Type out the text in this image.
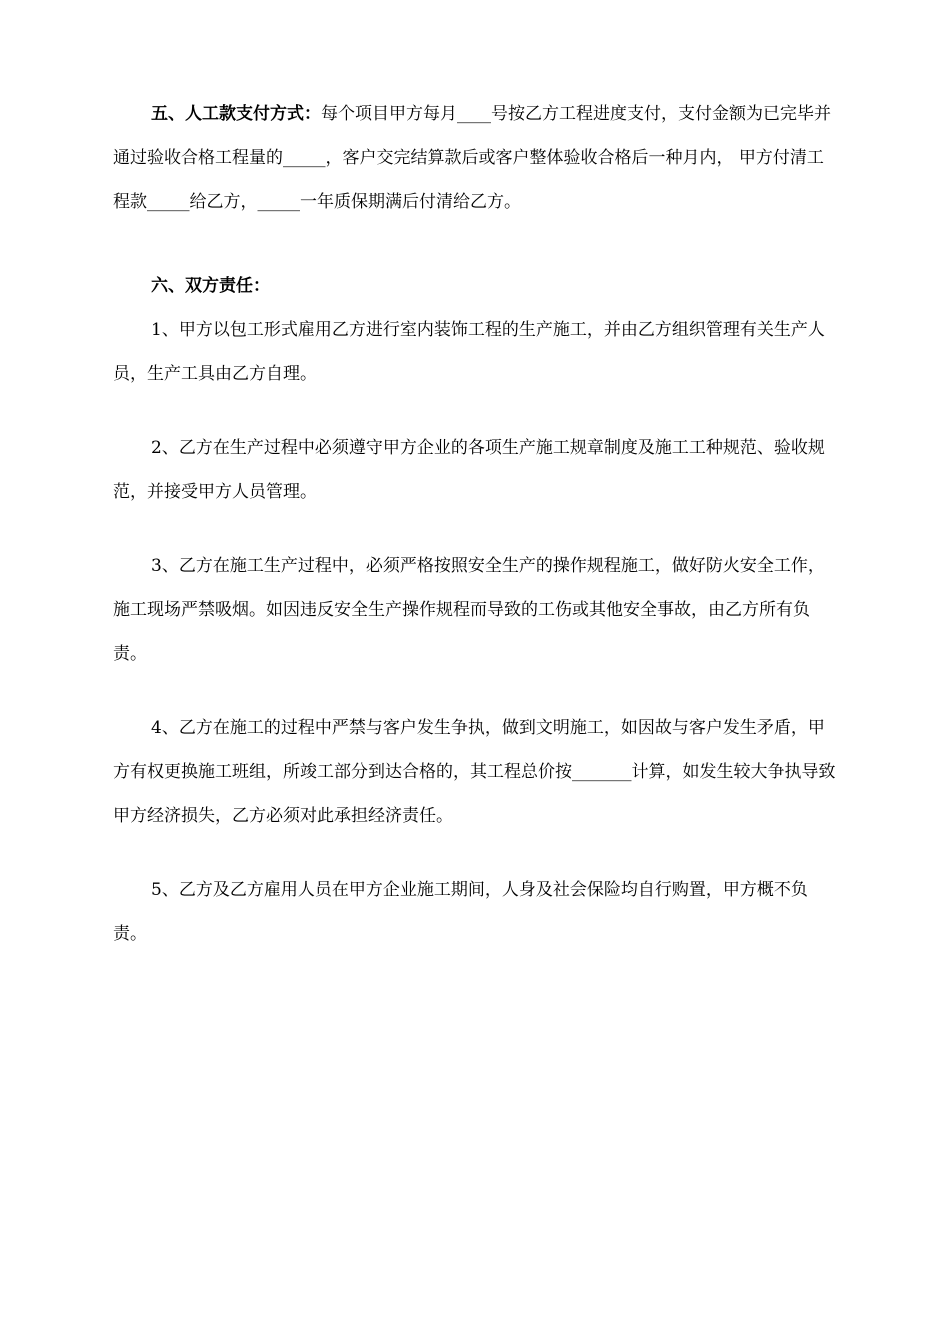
五、人工款支付方式：每个项目甲方每月____号按乙方工程进度支付，支付金额为已完毕并通过验收合格工程量的_____，客户交完结算款后或客户整体验收合格后一种月内， 甲方付清工程款_____给乙方，_____一年质保期满后付清给乙方。

六、双方责任：

1、甲方以包工形式雇用乙方进行室内装饰工程的生产施工，并由乙方组织管理有关生产人员，生产工具由乙方自理。

2、乙方在生产过程中必须遵守甲方企业的各项生产施工规章制度及施工工种规范、验收规范，并接受甲方人员管理。

3、乙方在施工生产过程中，必须严格按照安全生产的操作规程施工，做好防火安全工作，施工现场严禁吸烟。如因违反安全生产操作规程而导致的工伤或其他安全事故，由乙方所有负责。

4、乙方在施工的过程中严禁与客户发生争执，做到文明施工，如因故与客户发生矛盾，甲方有权更换施工班组，所竣工部分到达合格的，其工程总价按_______计算，如发生较大争执导致甲方经济损失，乙方必须对此承担经济责任。

5、乙方及乙方雇用人员在甲方企业施工期间，人身及社会保险均自行购置，甲方概不负责。
